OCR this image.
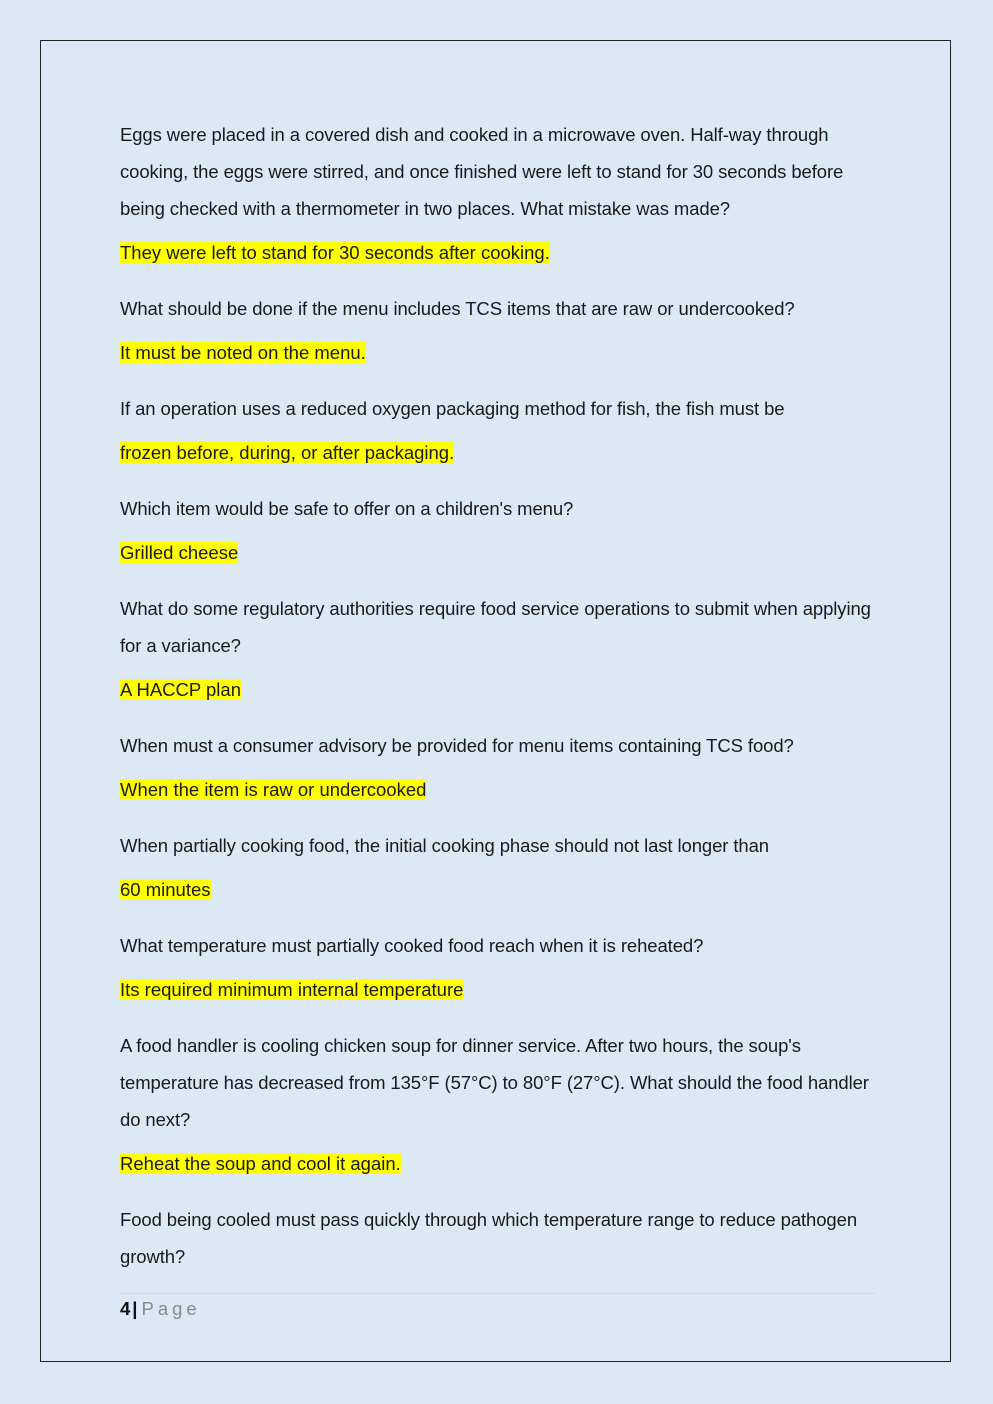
Eggs were placed in a covered dish and cooked in a microwave oven. Half-way through cooking, the eggs were stirred, and once finished were left to stand for 30 seconds before being checked with a thermometer in two places. What mistake was made?

They were left to stand for 30 seconds after cooking.

What should be done if the menu includes TCS items that are raw or undercooked?

It must be noted on the menu.

If an operation uses a reduced oxygen packaging method for fish, the fish must be

frozen before, during, or after packaging.

Which item would be safe to offer on a children's menu?

Grilled cheese

What do some regulatory authorities require food service operations to submit when applying for a variance?

A HACCP plan

When must a consumer advisory be provided for menu items containing TCS food?

When the item is raw or undercooked

When partially cooking food, the initial cooking phase should not last longer than

60 minutes

What temperature must partially cooked food reach when it is reheated?

Its required minimum internal temperature

A food handler is cooling chicken soup for dinner service. After two hours, the soup's temperature has decreased from 135°F (57°C) to 80°F (27°C). What should the food handler do next?

Reheat the soup and cool it again.

Food being cooled must pass quickly through which temperature range to reduce pathogen growth?

4 | Page
